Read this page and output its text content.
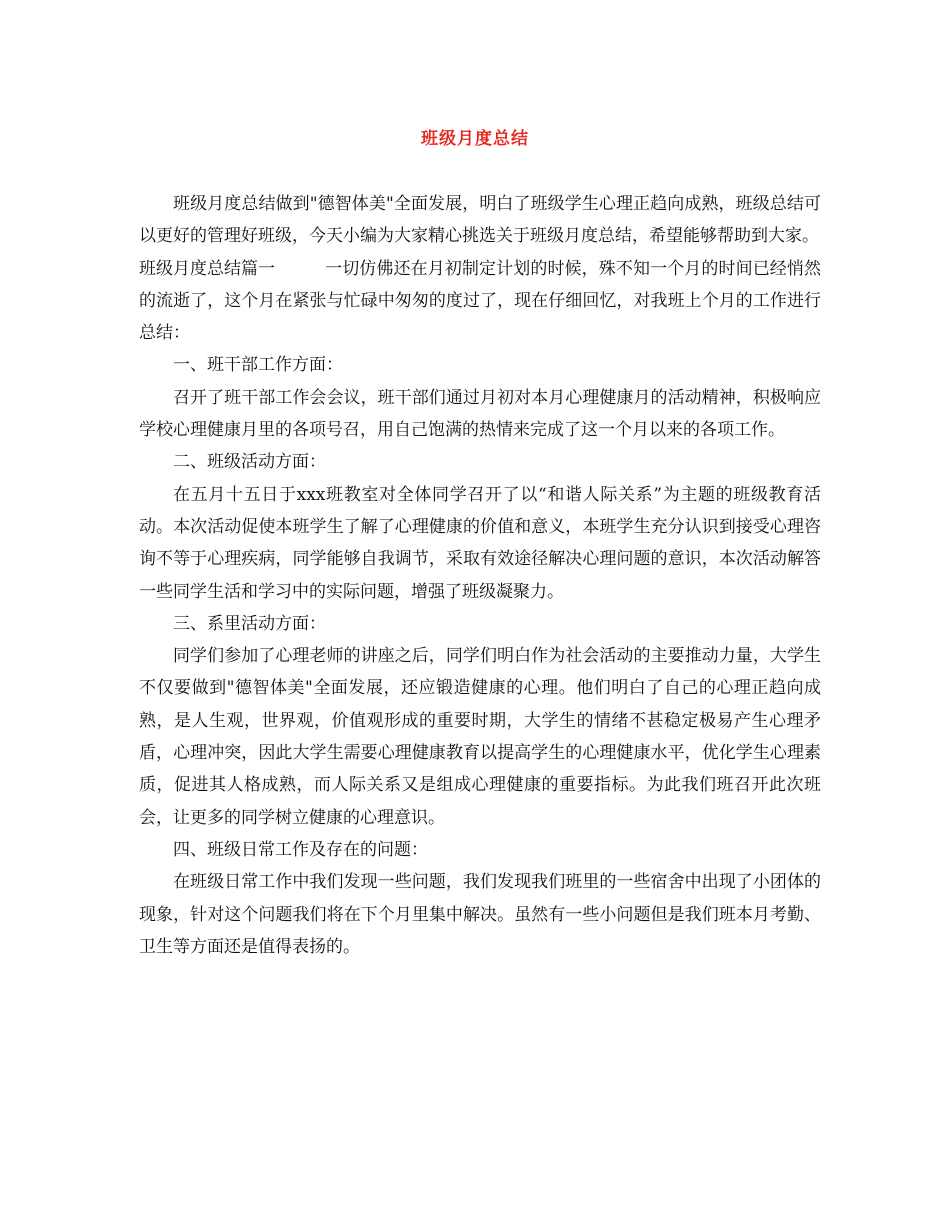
班级月度总结

班级月度总结做到"德智体美"全面发展，明白了班级学生心理正趋向成熟，班级总结可以更好的管理好班级，今天小编为大家精心挑选关于班级月度总结，希望能够帮助到大家。

班级月度总结篇一	一切仿佛还在月初制定计划的时候，殊不知一个月的时间已经悄然的流逝了，这个月在紧张与忙碌中匆匆的度过了，现在仔细回忆，对我班上个月的工作进行总结：

一、班干部工作方面：

召开了班干部工作会会议，班干部们通过月初对本月心理健康月的活动精神，积极响应学校心理健康月里的各项号召，用自己饱满的热情来完成了这一个月以来的各项工作。

二、班级活动方面：

在五月十五日于xxx班教室对全体同学召开了以“和谐人际关系”为主题的班级教育活动。本次活动促使本班学生了解了心理健康的价值和意义，本班学生充分认识到接受心理咨询不等于心理疾病，同学能够自我调节，采取有效途径解决心理问题的意识，本次活动解答一些同学生活和学习中的实际问题，增强了班级凝聚力。

三、系里活动方面：

同学们参加了心理老师的讲座之后，同学们明白作为社会活动的主要推动力量，大学生不仅要做到"德智体美"全面发展，还应锻造健康的心理。他们明白了自己的心理正趋向成熟，是人生观，世界观，价值观形成的重要时期，大学生的情绪不甚稳定极易产生心理矛盾，心理冲突，因此大学生需要心理健康教育以提高学生的心理健康水平，优化学生心理素质，促进其人格成熟，而人际关系又是组成心理健康的重要指标。为此我们班召开此次班会，让更多的同学树立健康的心理意识。

四、班级日常工作及存在的问题：

在班级日常工作中我们发现一些问题，我们发现我们班里的一些宿舍中出现了小团体的现象，针对这个问题我们将在下个月里集中解决。虽然有一些小问题但是我们班本月考勤、卫生等方面还是值得表扬的。
